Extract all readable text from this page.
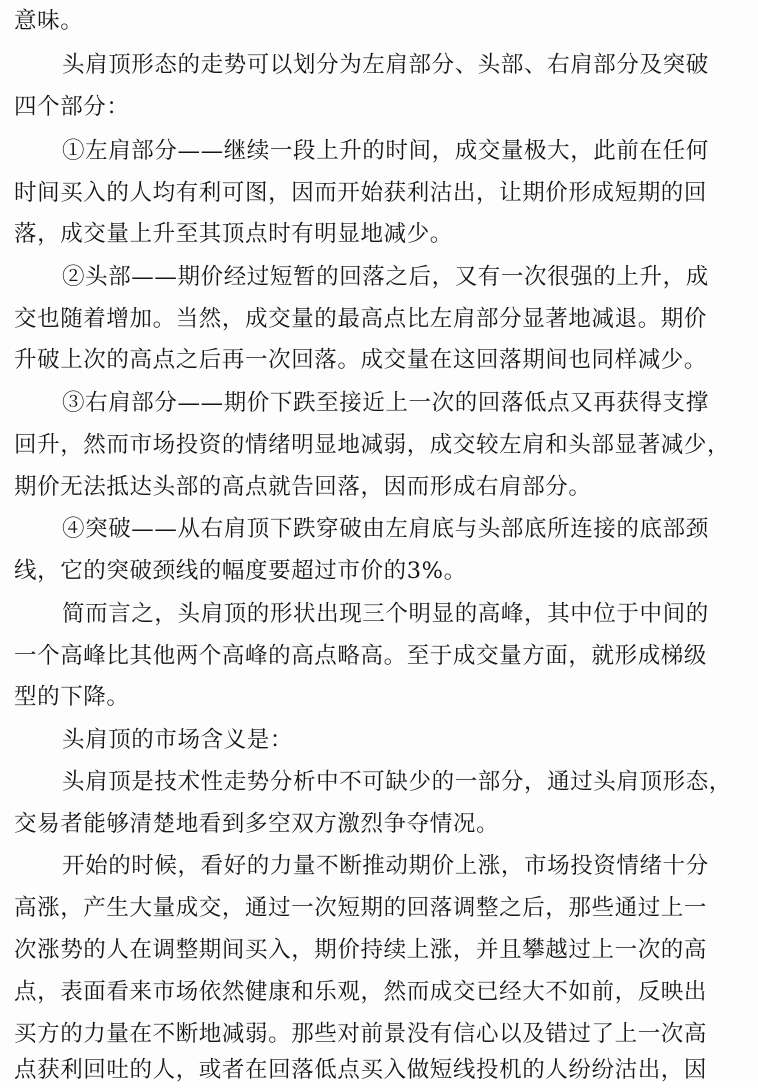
意味。
头肩顶形态的走势可以划分为左肩部分、头部、右肩部分及突破
四个部分：
①左肩部分——继续一段上升的时间，成交量极大，此前在任何
时间买入的人均有利可图，因而开始获利沽出，让期价形成短期的回
落，成交量上升至其顶点时有明显地减少。
②头部——期价经过短暂的回落之后，又有一次很强的上升，成
交也随着增加。当然，成交量的最高点比左肩部分显著地减退。期价
升破上次的高点之后再一次回落。成交量在这回落期间也同样减少。
③右肩部分——期价下跌至接近上一次的回落低点又再获得支撑
回升，然而市场投资的情绪明显地减弱，成交较左肩和头部显著减少，
期价无法抵达头部的高点就告回落，因而形成右肩部分。
④突破——从右肩顶下跌穿破由左肩底与头部底所连接的底部颈
线，它的突破颈线的幅度要超过市价的3%。
简而言之，头肩顶的形状出现三个明显的高峰，其中位于中间的
一个高峰比其他两个高峰的高点略高。至于成交量方面，就形成梯级
型的下降。
头肩顶的市场含义是：
头肩顶是技术性走势分析中不可缺少的一部分，通过头肩顶形态，
交易者能够清楚地看到多空双方激烈争夺情况。
开始的时候，看好的力量不断推动期价上涨，市场投资情绪十分
高涨，产生大量成交，通过一次短期的回落调整之后，那些通过上一
次涨势的人在调整期间买入，期价持续上涨，并且攀越过上一次的高
点，表面看来市场依然健康和乐观，然而成交已经大不如前，反映出
买方的力量在不断地减弱。那些对前景没有信心以及错过了上一次高
点获利回吐的人，或者在回落低点买入做短线投机的人纷纷沽出，因
